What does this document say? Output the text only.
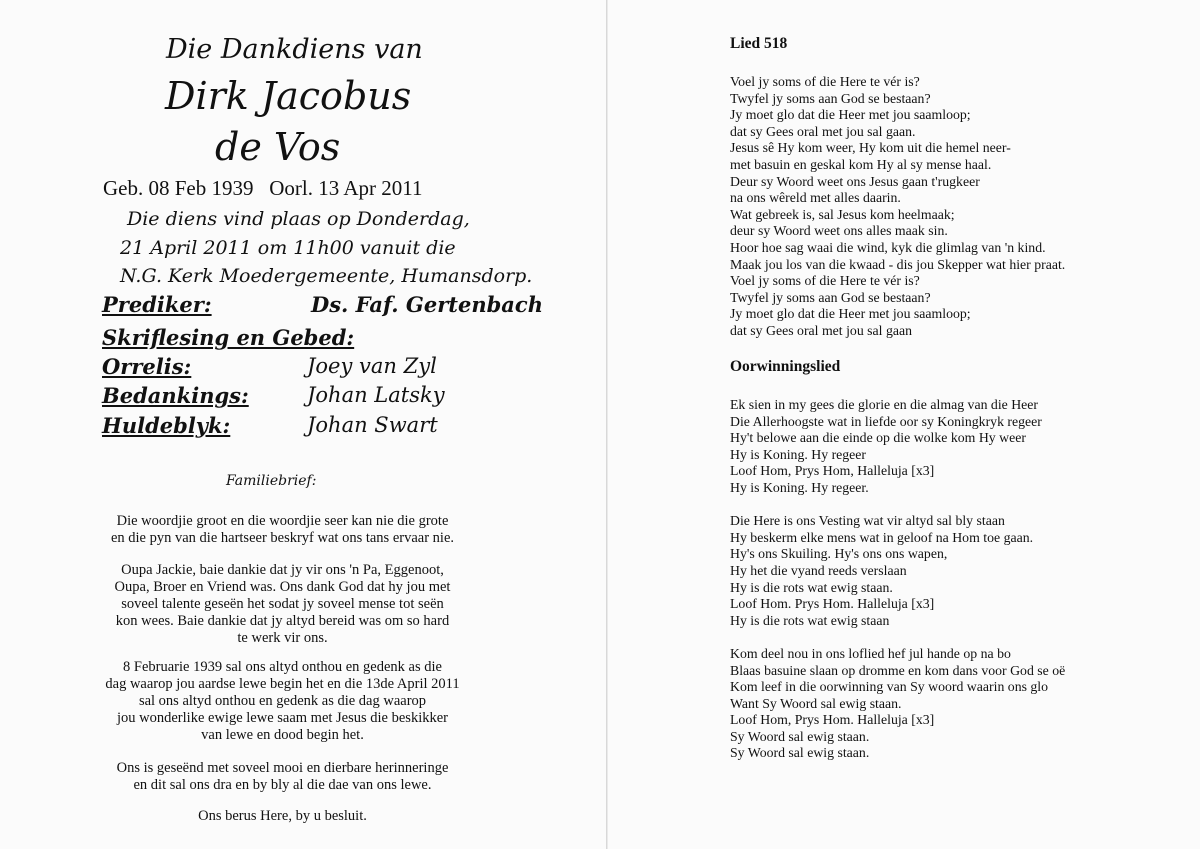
Die Dankdiens van
Dirk Jacobus
de Vos
Geb. 08 Feb 1939 Oorl. 13 Apr 2011
Die diens vind plaas op Donderdag,
21 April 2011 om 11h00 vanuit die
N.G. Kerk Moedergemeente, Humansdorp.
Prediker:	Ds. Faf. Gertenbach
Skriflesing en Gebed:
Orrelis:	Joey van Zyl
Bedankings:	Johan Latsky
Huldeblyk:	Johan Swart
Familiebrief:
Die woordjie groot en die woordjie seer kan nie die grote
en die pyn van die hartseer beskryf wat ons tans ervaar nie.
Oupa Jackie, baie dankie dat jy vir ons 'n Pa, Eggenoot,
Oupa, Broer en Vriend was. Ons dank God dat hy jou met
soveel talente geseën het sodat jy soveel mense tot seën
kon wees. Baie dankie dat jy altyd bereid was om so hard
te werk vir ons.
8 Februarie 1939 sal ons altyd onthou en gedenk as die
dag waarop jou aardse lewe begin het en die 13de April 2011
sal ons altyd onthou en gedenk as die dag waarop
jou wonderlike ewige lewe saam met Jesus die beskikker
van lewe en dood begin het.
Ons is geseënd met soveel mooi en dierbare herinneringe
en dit sal ons dra en by bly al die dae van ons lewe.
Ons berus Here, by u besluit.
Lied 518
Voel jy soms of die Here te vér is?
Twyfel jy soms aan God se bestaan?
Jy moet glo dat die Heer met jou saamloop;
dat sy Gees oral met jou sal gaan.
Jesus sê Hy kom weer, Hy kom uit die hemel neer-
met basuin en geskal kom Hy al sy mense haal.
Deur sy Woord weet ons Jesus gaan t'rugkeer
na ons wêreld met alles daarin.
Wat gebreek is, sal Jesus kom heelmaak;
deur sy Woord weet ons alles maak sin.
Hoor hoe sag waai die wind, kyk die glimlag van 'n kind.
Maak jou los van die kwaad - dis jou Skepper wat hier praat.
Voel jy soms of die Here te vér is?
Twyfel jy soms aan God se bestaan?
Jy moet glo dat die Heer met jou saamloop;
dat sy Gees oral met jou sal gaan
Oorwinningslied
Ek sien in my gees die glorie en die almag van die Heer
Die Allerhoogste wat in liefde oor sy Koningkryk regeer
Hy't belowe aan die einde op die wolke kom Hy weer
Hy is Koning. Hy regeer
Loof Hom, Prys Hom, Halleluja [x3]
Hy is Koning. Hy regeer.
Die Here is ons Vesting wat vir altyd sal bly staan
Hy beskerm elke mens wat in geloof na Hom toe gaan.
Hy's ons Skuiling. Hy's ons ons wapen,
Hy het die vyand reeds verslaan
Hy is die rots wat ewig staan.
Loof Hom. Prys Hom. Halleluja [x3]
Hy is die rots wat ewig staan
Kom deel nou in ons loflied hef jul hande op na bo
Blaas basuine slaan op dromme en kom dans voor God se oë
Kom leef in die oorwinning van Sy woord waarin ons glo
Want Sy Woord sal ewig staan.
Loof Hom, Prys Hom. Halleluja [x3]
Sy Woord sal ewig staan.
Sy Woord sal ewig staan.
